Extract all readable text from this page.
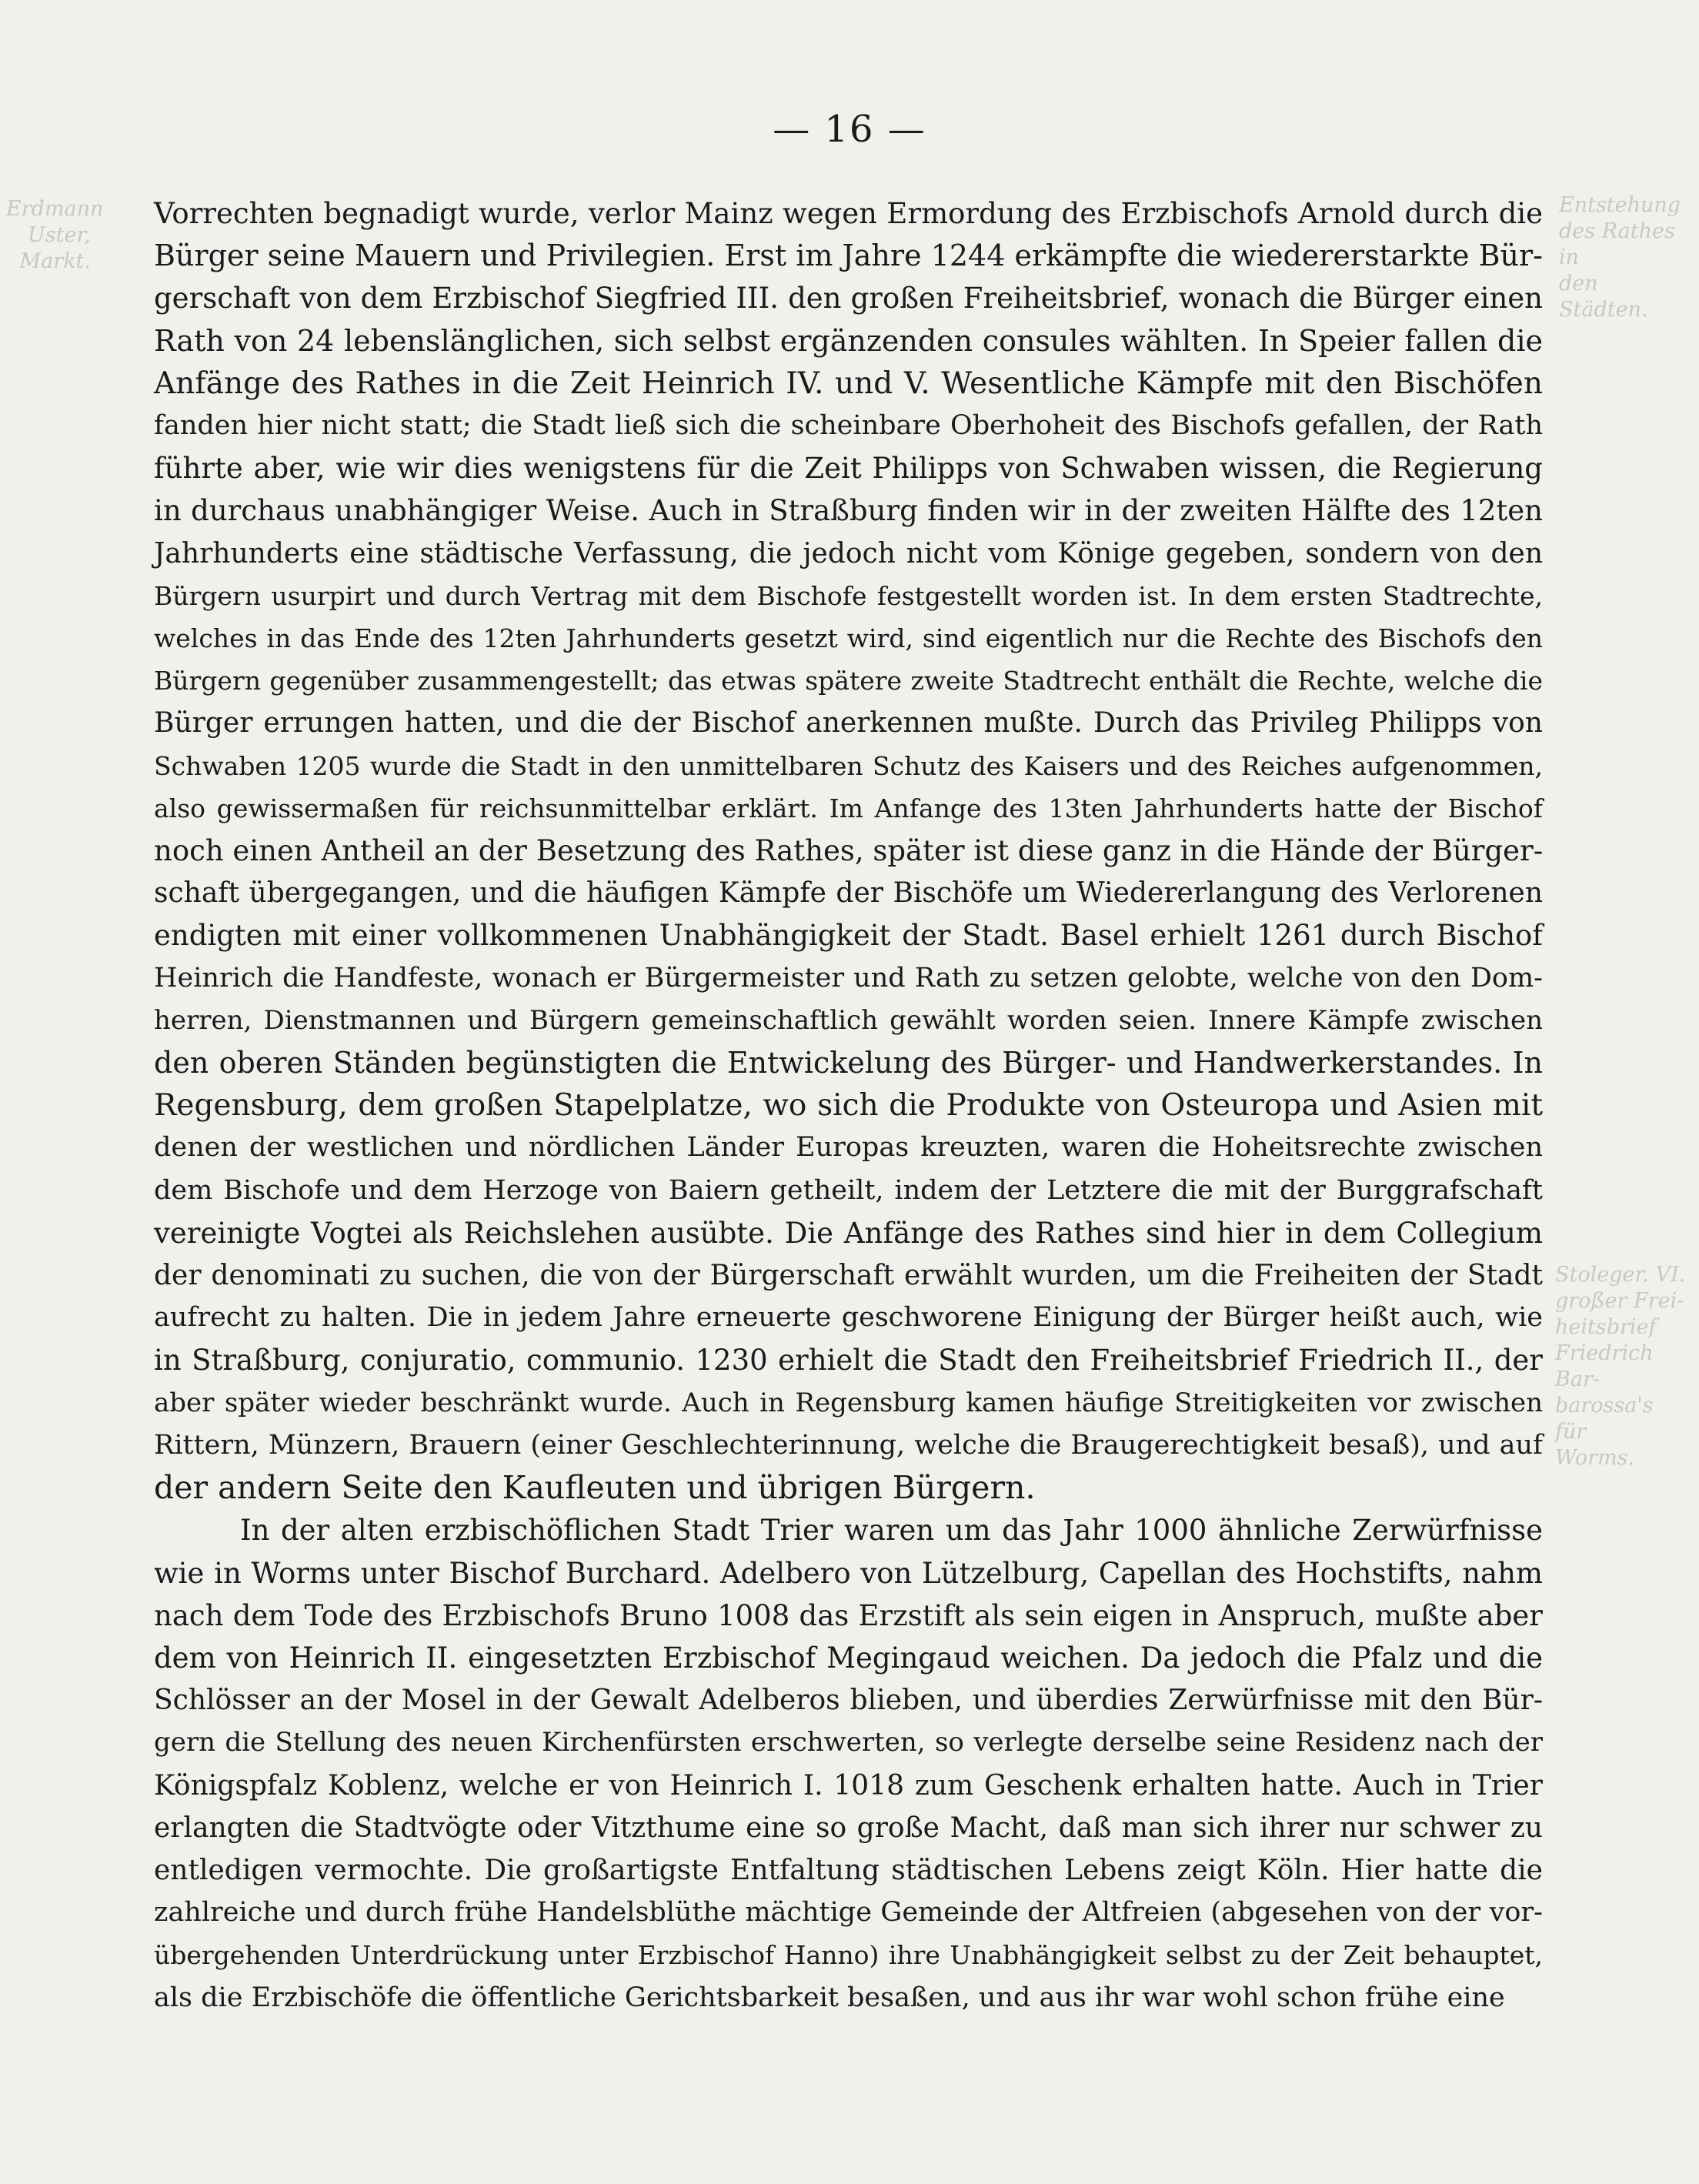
— 16 —
Erdmann Uster,
Markt.
Entstehung
des Rathes in
den Städten.
Stoleger. VI.
großer Frei-
heitsbrief
Friedrich Bar-
barossa's für
Worms.
Vorrechten begnadigt wurde, verlor Mainz wegen Ermordung des Erzbischofs Arnold durch die
Bürger seine Mauern und Privilegien. Erst im Jahre 1244 erkämpfte die wiedererstarkte Bür-
gerschaft von dem Erzbischof Siegfried III. den großen Freiheitsbrief, wonach die Bürger einen
Rath von 24 lebenslänglichen, sich selbst ergänzenden consules wählten. In Speier fallen die
Anfänge des Rathes in die Zeit Heinrich IV. und V. Wesentliche Kämpfe mit den Bischöfen
fanden hier nicht statt; die Stadt ließ sich die scheinbare Oberhoheit des Bischofs gefallen, der Rath
führte aber, wie wir dies wenigstens für die Zeit Philipps von Schwaben wissen, die Regierung
in durchaus unabhängiger Weise. Auch in Straßburg finden wir in der zweiten Hälfte des 12ten
Jahrhunderts eine städtische Verfassung, die jedoch nicht vom Könige gegeben, sondern von den
Bürgern usurpirt und durch Vertrag mit dem Bischofe festgestellt worden ist. In dem ersten Stadtrechte,
welches in das Ende des 12ten Jahrhunderts gesetzt wird, sind eigentlich nur die Rechte des Bischofs den
Bürgern gegenüber zusammengestellt; das etwas spätere zweite Stadtrecht enthält die Rechte, welche die
Bürger errungen hatten, und die der Bischof anerkennen mußte. Durch das Privileg Philipps von
Schwaben 1205 wurde die Stadt in den unmittelbaren Schutz des Kaisers und des Reiches aufgenommen,
also gewissermaßen für reichsunmittelbar erklärt. Im Anfange des 13ten Jahrhunderts hatte der Bischof
noch einen Antheil an der Besetzung des Rathes, später ist diese ganz in die Hände der Bürger-
schaft übergegangen, und die häufigen Kämpfe der Bischöfe um Wiedererlangung des Verlorenen
endigten mit einer vollkommenen Unabhängigkeit der Stadt. Basel erhielt 1261 durch Bischof
Heinrich die Handfeste, wonach er Bürgermeister und Rath zu setzen gelobte, welche von den Dom-
herren, Dienstmannen und Bürgern gemeinschaftlich gewählt worden seien. Innere Kämpfe zwischen
den oberen Ständen begünstigten die Entwickelung des Bürger- und Handwerkerstandes. In
Regensburg, dem großen Stapelplatze, wo sich die Produkte von Osteuropa und Asien mit
denen der westlichen und nördlichen Länder Europas kreuzten, waren die Hoheitsrechte zwischen
dem Bischofe und dem Herzoge von Baiern getheilt, indem der Letztere die mit der Burggrafschaft
vereinigte Vogtei als Reichslehen ausübte. Die Anfänge des Rathes sind hier in dem Collegium
der denominati zu suchen, die von der Bürgerschaft erwählt wurden, um die Freiheiten der Stadt
aufrecht zu halten. Die in jedem Jahre erneuerte geschworene Einigung der Bürger heißt auch, wie
in Straßburg, conjuratio, communio. 1230 erhielt die Stadt den Freiheitsbrief Friedrich II., der
aber später wieder beschränkt wurde. Auch in Regensburg kamen häufige Streitigkeiten vor zwischen
Rittern, Münzern, Brauern (einer Geschlechterinnung, welche die Braugerechtigkeit besaß), und auf
der andern Seite den Kaufleuten und übrigen Bürgern.
In der alten erzbischöflichen Stadt Trier waren um das Jahr 1000 ähnliche Zerwürfnisse
wie in Worms unter Bischof Burchard. Adelbero von Lützelburg, Capellan des Hochstifts, nahm
nach dem Tode des Erzbischofs Bruno 1008 das Erzstift als sein eigen in Anspruch, mußte aber
dem von Heinrich II. eingesetzten Erzbischof Megingaud weichen. Da jedoch die Pfalz und die
Schlösser an der Mosel in der Gewalt Adelberos blieben, und überdies Zerwürfnisse mit den Bür-
gern die Stellung des neuen Kirchenfürsten erschwerten, so verlegte derselbe seine Residenz nach der
Königspfalz Koblenz, welche er von Heinrich I. 1018 zum Geschenk erhalten hatte. Auch in Trier
erlangten die Stadtvögte oder Vitzthume eine so große Macht, daß man sich ihrer nur schwer zu
entledigen vermochte. Die großartigste Entfaltung städtischen Lebens zeigt Köln. Hier hatte die
zahlreiche und durch frühe Handelsblüthe mächtige Gemeinde der Altfreien (abgesehen von der vor-
übergehenden Unterdrückung unter Erzbischof Hanno) ihre Unabhängigkeit selbst zu der Zeit behauptet,
als die Erzbischöfe die öffentliche Gerichtsbarkeit besaßen, und aus ihr war wohl schon frühe eine
